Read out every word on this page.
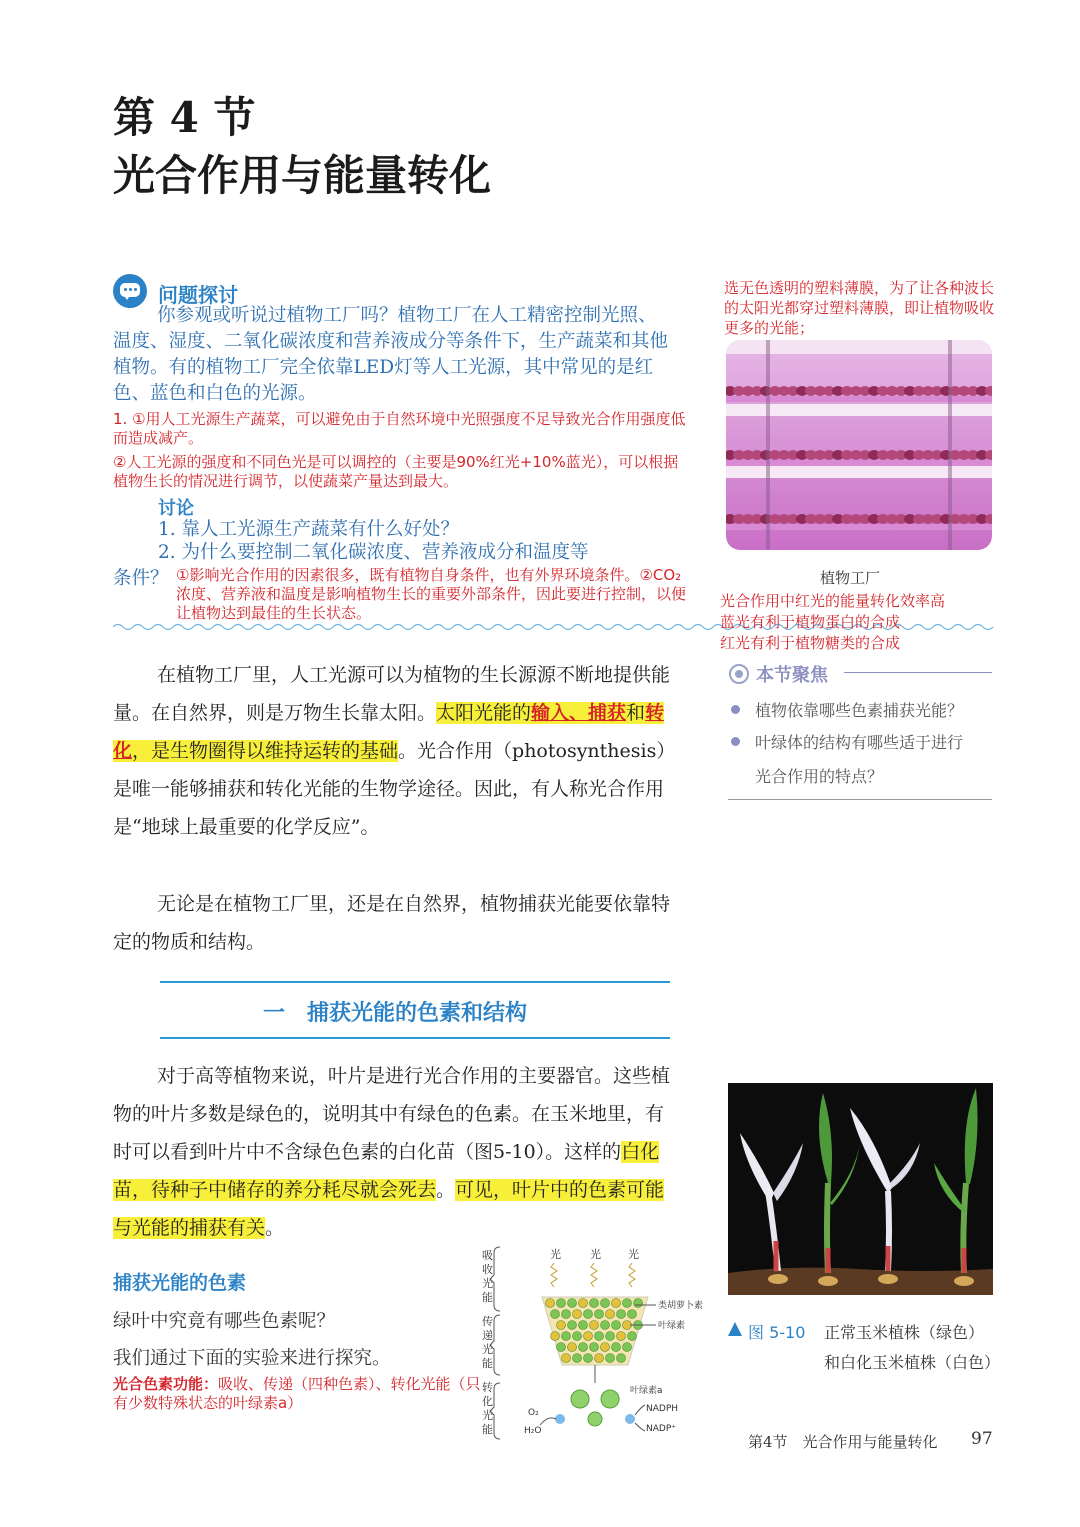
第 4 节
光合作用与能量转化
问题探讨
你参观或听说过植物工厂吗？植物工厂在人工精密控制光照、温度、湿度、二氧化碳浓度和营养液成分等条件下，生产蔬菜和其他植物。有的植物工厂完全依靠LED灯等人工光源，其中常见的是红色、蓝色和白色的光源。
1. ①用人工光源生产蔬菜，可以避免由于自然环境中光照强度不足导致光合作用强度低而造成减产。
②人工光源的强度和不同色光是可以调控的（主要是90%红光+10%蓝光），可以根据植物生长的情况进行调节，以使蔬菜产量达到最大。
讨论
1. 靠人工光源生产蔬菜有什么好处？
2. 为什么要控制二氧化碳浓度、营养液成分和温度等
条件？ ①影响光合作用的因素很多，既有植物自身条件，也有外界环境条件。②CO₂浓度、营养液和温度是影响植物生长的重要外部条件，因此要进行控制，以便让植物达到最佳的生长状态。
在植物工厂里，人工光源可以为植物的生长源源不断地提供能量。在自然界，则是万物生长靠太阳。太阳光能的输入、捕获和转化，是生物圈得以维持运转的基础。光合作用（photosynthesis）是唯一能够捕获和转化光能的生物学途径。因此，有人称光合作用是“地球上最重要的化学反应”。
无论是在植物工厂里，还是在自然界，植物捕获光能要依靠特定的物质和结构。
一　捕获光能的色素和结构
对于高等植物来说，叶片是进行光合作用的主要器官。这些植物的叶片多数是绿色的，说明其中有绿色的色素。在玉米地里，有时可以看到叶片中不含绿色色素的白化苗（图5-10）。这样的白化苗，待种子中储存的养分耗尽就会死去。可见，叶片中的色素可能与光能的捕获有关。
捕获光能的色素
绿叶中究竟有哪些色素呢？
我们通过下面的实验来进行探究。
光合色素功能：吸收、传递（四种色素）、转化光能（只有少数特殊状态的叶绿素a）
吸
收
光
能
传
递
光
能
转
化
光
能
光	光 光
类胡萝卜素
叶绿素
叶绿素a
NADPH
NADP⁺
O₂
H₂O
选无色透明的塑料薄膜，为了让各种波长的太阳光都穿过塑料薄膜，即让植物吸收更多的光能；
植物工厂
光合作用中红光的能量转化效率高
蓝光有利于植物蛋白的合成
红光有利于植物糖类的合成
本节聚焦
植物依靠哪些色素捕获光能？
叶绿体的结构有哪些适于进行
光合作用的特点？
图 5-10 正常玉米植株（绿色）
和白化玉米植株（白色）
第4节　光合作用与能量转化 97
